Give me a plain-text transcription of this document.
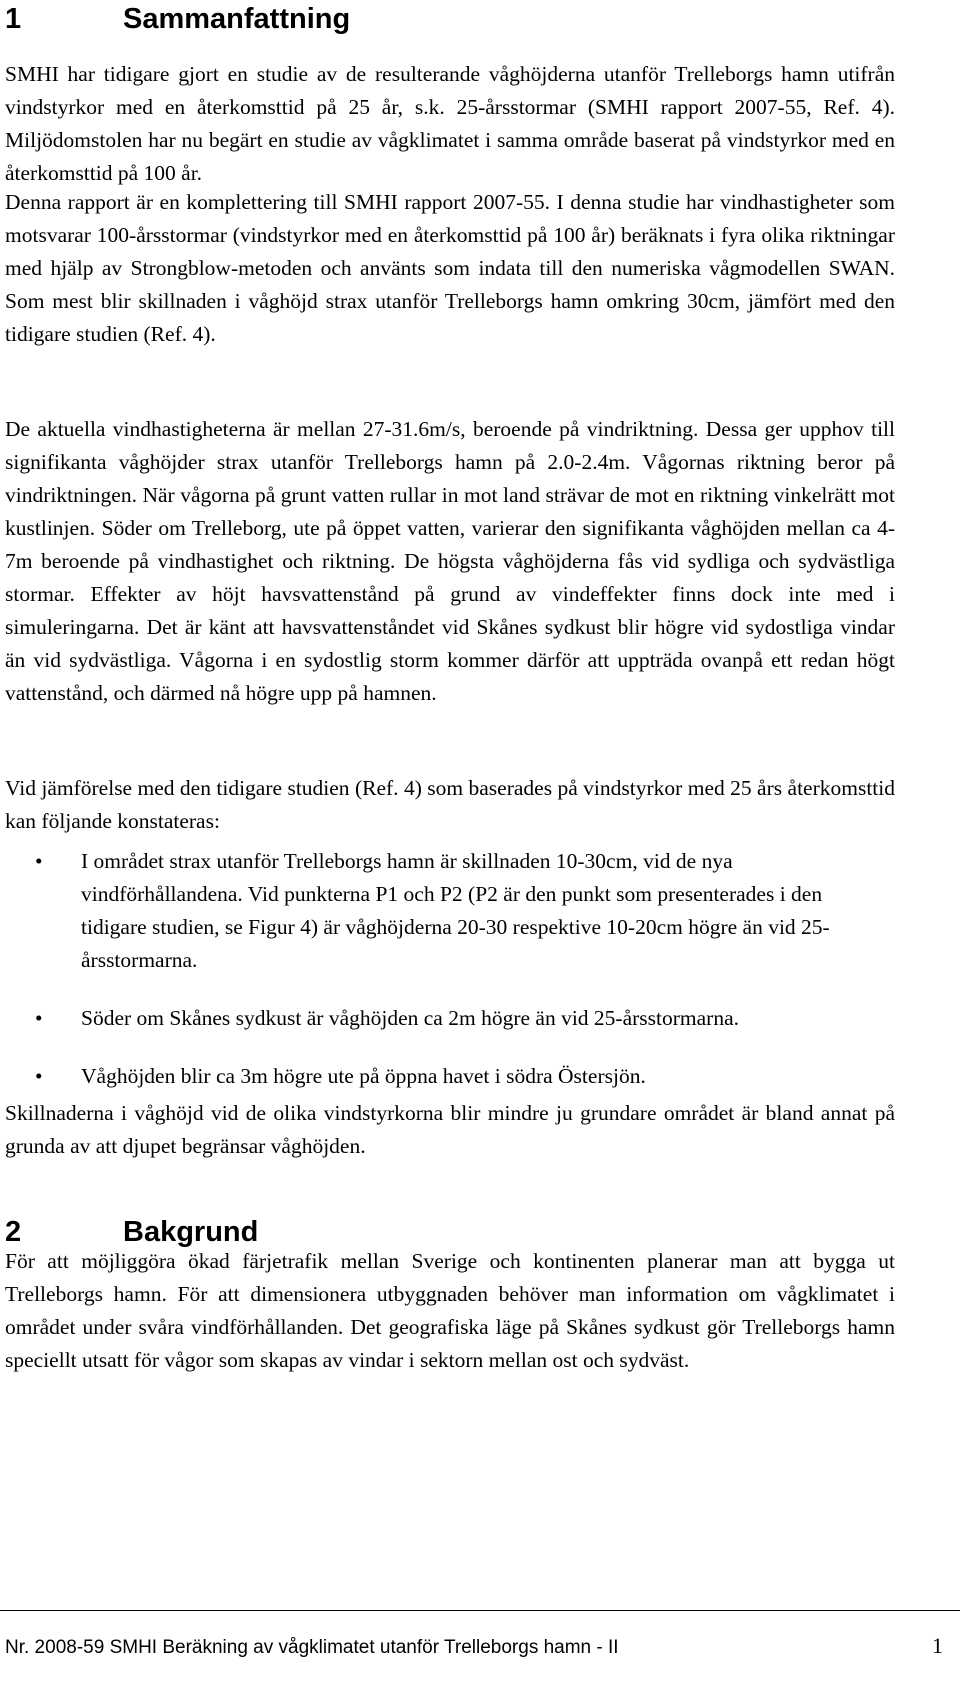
1	Sammanfattning

SMHI har tidigare gjort en studie av de resulterande våghöjderna utanför Trelleborgs hamn utifrån vindstyrkor med en återkomsttid på 25 år, s.k. 25-årsstormar (SMHI rapport 2007-55, Ref. 4). Miljödomstolen har nu begärt en studie av vågklimatet i samma område baserat på vindstyrkor med en återkomsttid på 100 år.

Denna rapport är en komplettering till SMHI rapport 2007-55. I denna studie har vindhastigheter som motsvarar 100-årsstormar (vindstyrkor med en återkomsttid på 100 år) beräknats i fyra olika riktningar med hjälp av Strongblow-metoden och använts som indata till den numeriska vågmodellen SWAN. Som mest blir skillnaden i våghöjd strax utanför Trelleborgs hamn omkring 30cm, jämfört med den tidigare studien (Ref. 4).

De aktuella vindhastigheterna är mellan 27-31.6m/s, beroende på vindriktning. Dessa ger upphov till signifikanta våghöjder strax utanför Trelleborgs hamn på 2.0-2.4m. Vågornas riktning beror på vindriktningen. När vågorna på grunt vatten rullar in mot land strävar de mot en riktning vinkelrätt mot kustlinjen. Söder om Trelleborg, ute på öppet vatten, varierar den signifikanta våghöjden mellan ca 4-7m beroende på vindhastighet och riktning. De högsta våghöjderna fås vid sydliga och sydvästliga stormar. Effekter av höjt havsvattenstånd på grund av vindeffekter finns dock inte med i simuleringarna. Det är känt att havsvattenståndet vid Skånes sydkust blir högre vid sydostliga vindar än vid sydvästliga. Vågorna i en sydostlig storm kommer därför att uppträda ovanpå ett redan högt vattenstånd, och därmed nå högre upp på hamnen.

Vid jämförelse med den tidigare studien (Ref. 4) som baserades på vindstyrkor med 25 års återkomsttid kan följande konstateras:

• I området strax utanför Trelleborgs hamn är skillnaden 10-30cm, vid de nya vindförhållandena. Vid punkterna P1 och P2 (P2 är den punkt som presenterades i den tidigare studien, se Figur 4) är våghöjderna 20-30 respektive 10-20cm högre än vid 25-årsstormarna.

• Söder om Skånes sydkust är våghöjden ca 2m högre än vid 25-årsstormarna.

• Våghöjden blir ca 3m högre ute på öppna havet i södra Östersjön.

Skillnaderna i våghöjd vid de olika vindstyrkorna blir mindre ju grundare området är bland annat på grunda av att djupet begränsar våghöjden.

2	Bakgrund

För att möjliggöra ökad färjetrafik mellan Sverige och kontinenten planerar man att bygga ut Trelleborgs hamn. För att dimensionera utbyggnaden behöver man information om vågklimatet i området under svåra vindförhållanden. Det geografiska läge på Skånes sydkust gör Trelleborgs hamn speciellt utsatt för vågor som skapas av vindar i sektorn mellan ost och sydväst.

Nr. 2008-59 SMHI Beräkning av vågklimatet utanför Trelleborgs hamn - II	1
